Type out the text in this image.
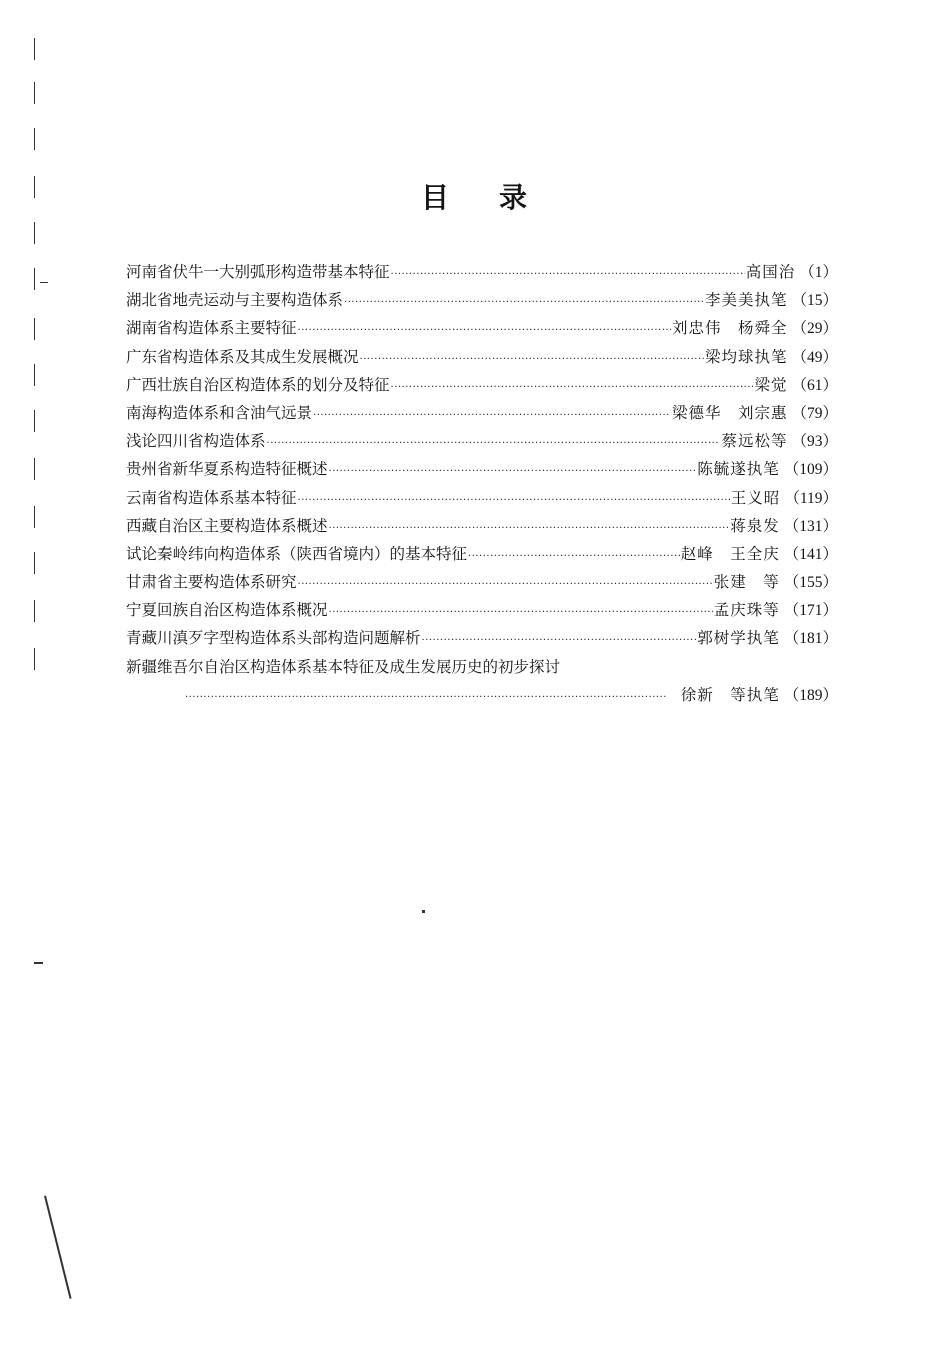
目 录
河南省伏牛一大别弧形构造带基本特征 ·····	高国治 （1）
湖北省地壳运动与主要构造体系 ·····	李美美执笔 （15）
湖南省构造体系主要特征 ·····	刘忠伟　杨舜全 （29）
广东省构造体系及其成生发展概况 ·····	梁均球执笔 （49）
广西壮族自治区构造体系的划分及特征 ·····	梁觉 （61）
南海构造体系和含油气远景 ·····	梁德华　刘宗惠 （79）
浅论四川省构造体系 ·····	蔡远松等 （93）
贵州省新华夏系构造特征概述 ·····	陈毓遂执笔 （109）
云南省构造体系基本特征 ·····	王义昭 （119）
西藏自治区主要构造体系概述 ·····	蒋泉发 （131）
试论秦岭纬向构造体系（陕西省境内）的基本特征 ·····	赵峰　王全庆 （141）
甘肃省主要构造体系研究 ·····	张建　等 （155）
宁夏回族自治区构造体系概况 ·····	孟庆珠等 （171）
青藏川滇歹字型构造体系头部构造问题解析 ·····	郭树学执笔 （181）
新疆维吾尔自治区构造体系基本特征及成生发展历史的初步探讨
·····
徐新　等执笔 （189）
